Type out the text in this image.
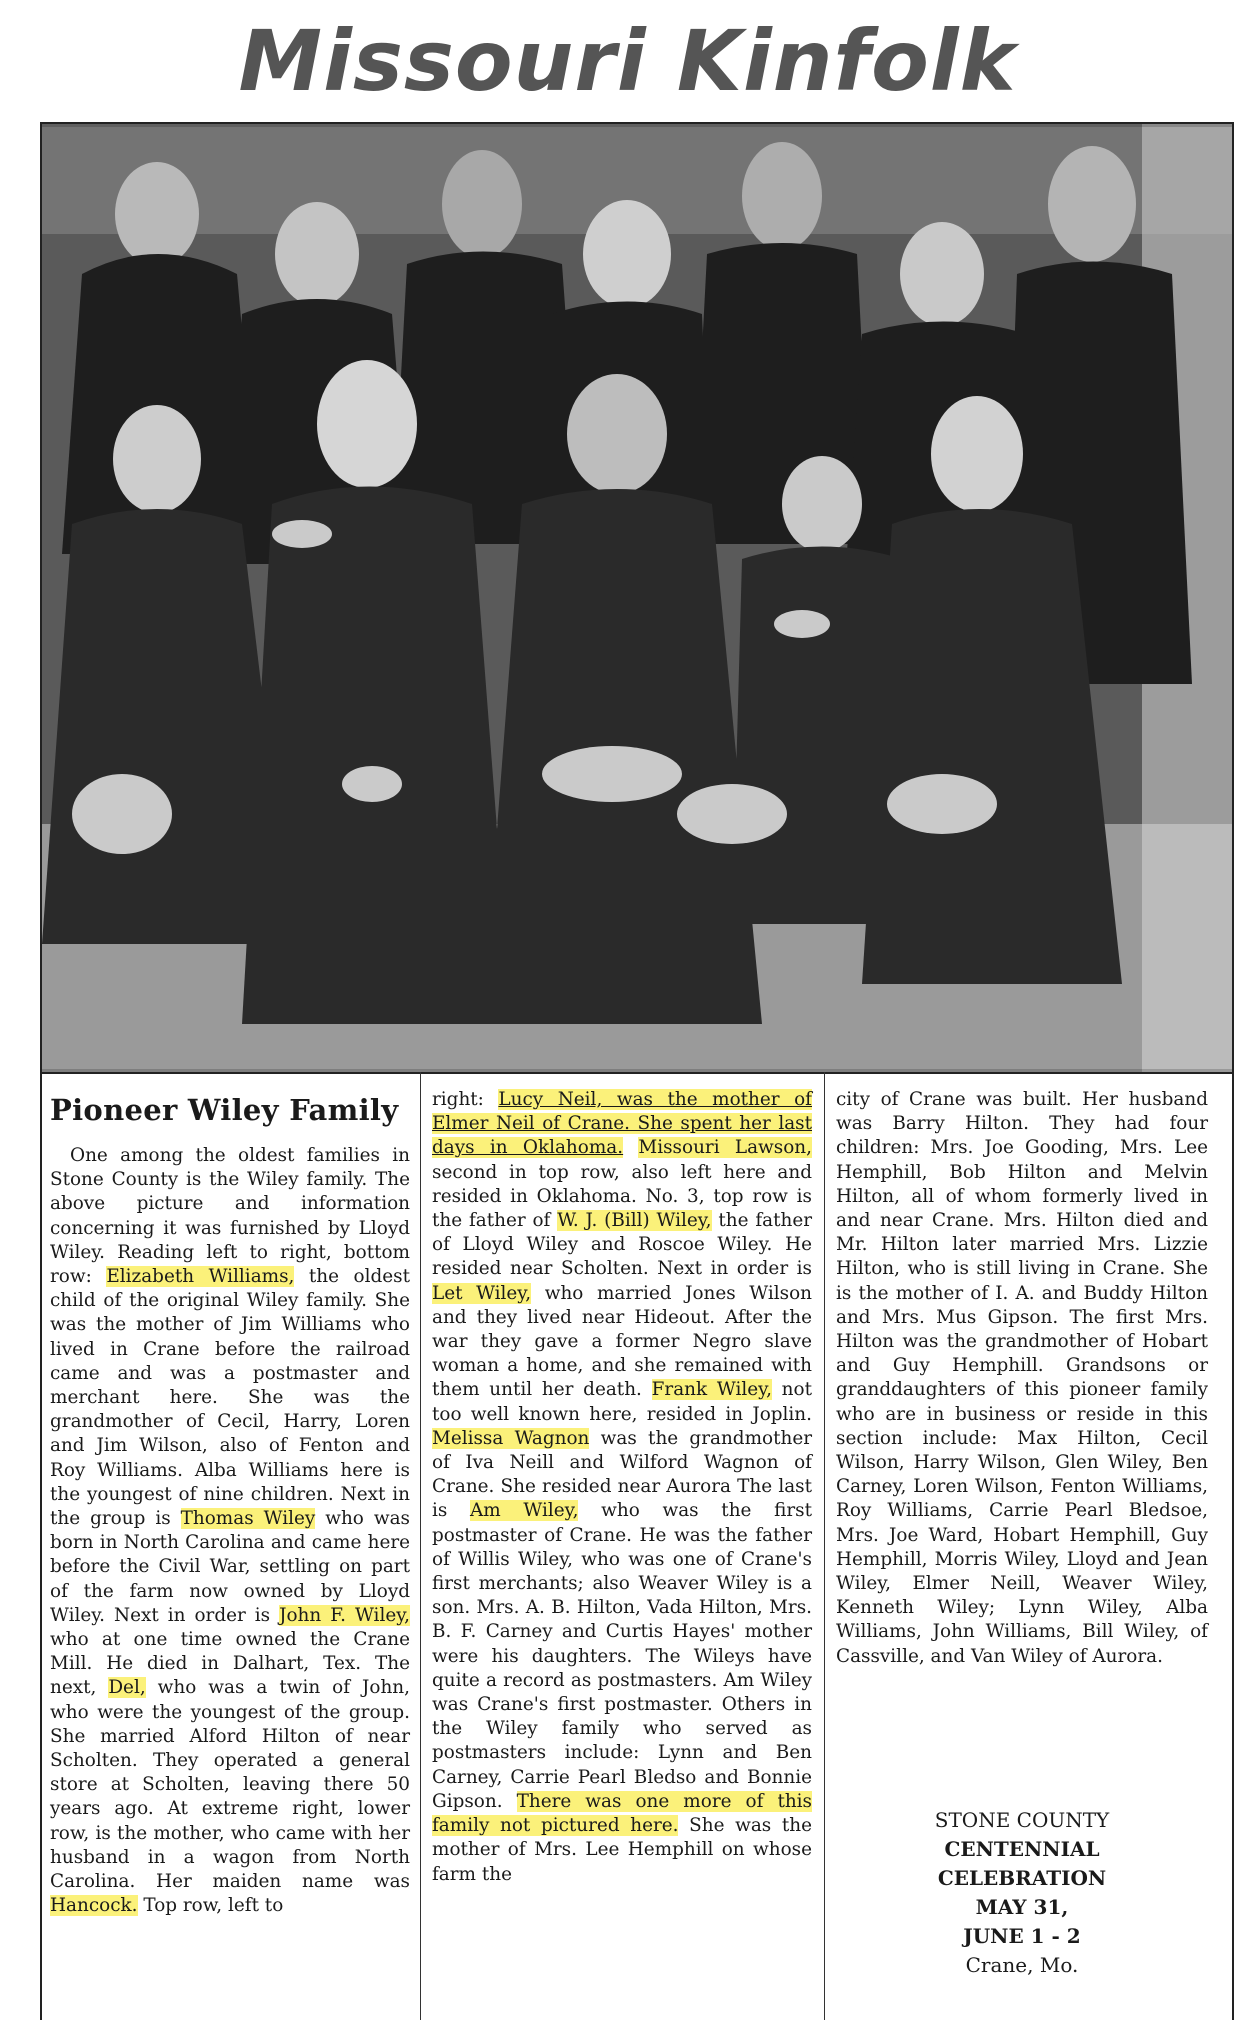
Missouri Kinfolk
Pioneer Wiley Family

One among the oldest families in Stone County is the Wiley family. The above picture and information concerning it was furnished by Lloyd Wiley. Reading left to right, bottom row: Elizabeth Williams, the oldest child of the original Wiley family. She was the mother of Jim Williams who lived in Crane before the railroad came and was a postmaster and merchant here. She was the grandmother of Cecil, Harry, Loren and Jim Wilson, also of Fenton and Roy Williams. Alba Williams here is the youngest of nine children. Next in the group is Thomas Wiley who was born in North Carolina and came here before the Civil War, settling on part of the farm now owned by Lloyd Wiley. Next in order is John F. Wiley, who at one time owned the Crane Mill. He died in Dalhart, Tex. The next, Del, who was a twin of John, who were the youngest of the group. She married Alford Hilton of near Scholten. They operated a general store at Scholten, leaving there 50 years ago. At extreme right, lower row, is the mother, who came with her husband in a wagon from North Carolina. Her maiden name was Hancock. Top row, left to

right: Lucy Neil, was the mother of Elmer Neil of Crane. She spent her last days in Oklahoma. Missouri Lawson, second in top row, also left here and resided in Oklahoma. No. 3, top row is the father of W. J. (Bill) Wiley, the father of Lloyd Wiley and Roscoe Wiley. He resided near Scholten. Next in order is Let Wiley, who married Jones Wilson and they lived near Hideout. After the war they gave a former Negro slave woman a home, and she remained with them until her death. Frank Wiley, not too well known here, resided in Joplin. Melissa Wagnon was the grandmother of Iva Neill and Wilford Wagnon of Crane. She resided near Aurora The last is Am Wiley, who was the first postmaster of Crane. He was the father of Willis Wiley, who was one of Crane's first merchants; also Weaver Wiley is a son. Mrs. A. B. Hilton, Vada Hilton, Mrs. B. F. Carney and Curtis Hayes' mother were his daughters. The Wileys have quite a record as postmasters. Am Wiley was Crane's first postmaster. Others in the Wiley family who served as postmasters include: Lynn and Ben Carney, Carrie Pearl Bledso and Bonnie Gipson. There was one more of this family not pictured here. She was the mother of Mrs. Lee Hemphill on whose farm the

city of Crane was built. Her husband was Barry Hilton. They had four children: Mrs. Joe Gooding, Mrs. Lee Hemphill, Bob Hilton and Melvin Hilton, all of whom formerly lived in and near Crane. Mrs. Hilton died and Mr. Hilton later married Mrs. Lizzie Hilton, who is still living in Crane. She is the mother of I. A. and Buddy Hilton and Mrs. Mus Gipson. The first Mrs. Hilton was the grandmother of Hobart and Guy Hemphill. Grandsons or granddaughters of this pioneer family who are in business or reside in this section include: Max Hilton, Cecil Wilson, Harry Wilson, Glen Wiley, Ben Carney, Loren Wilson, Fenton Williams, Roy Williams, Carrie Pearl Bledsoe, Mrs. Joe Ward, Hobart Hemphill, Guy Hemphill, Morris Wiley, Lloyd and Jean Wiley, Elmer Neill, Weaver Wiley, Kenneth Wiley; Lynn Wiley, Alba Williams, John Williams, Bill Wiley, of Cassville, and Van Wiley of Aurora.

STONE COUNTY
CENTENNIAL
CELEBRATION
MAY 31,
JUNE 1 - 2
Crane, Mo.
